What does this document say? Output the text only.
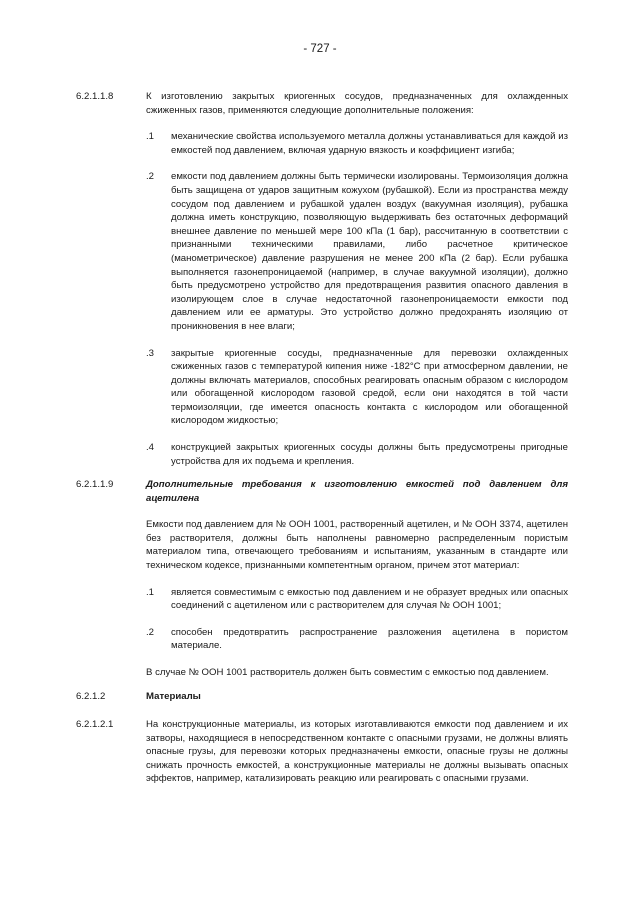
- 727 -
6.2.1.1.8	К изготовлению закрытых криогенных сосудов, предназначенных для охлажденных сжиженных газов, применяются следующие дополнительные положения:

.1	механические свойства используемого металла должны устанавливаться для каждой из емкостей под давлением, включая ударную вязкость и коэффициент изгиба;
.2	емкости под давлением должны быть термически изолированы. Термоизоляция должна быть защищена от ударов защитным кожухом (рубашкой). Если из пространства между сосудом под давлением и рубашкой удален воздух (вакуумная изоляция), рубашка должна иметь конструкцию, позволяющую выдерживать без остаточных деформаций внешнее давление по меньшей мере 100 кПа (1 бар), рассчитанную в соответствии с признанными техническими правилами, либо расчетное критическое (манометрическое) давление разрушения не менее 200 кПа (2 бар). Если рубашка выполняется газонепроницаемой (например, в случае вакуумной изоляции), должно быть предусмотрено устройство для предотвращения развития опасного давления в изолирующем слое в случае недостаточной газонепроницаемости емкости под давлением или ее арматуры. Это устройство должно предохранять изоляцию от проникновения в нее влаги;
.3	закрытые криогенные сосуды, предназначенные для перевозки охлажденных сжиженных газов с температурой кипения ниже -182°С при атмосферном давлении, не должны включать материалов, способных реагировать опасным образом с кислородом или обогащенной кислородом газовой средой, если они находятся в той части термоизоляции, где имеется опасность контакта с кислородом или обогащенной кислородом жидкостью;
.4	конструкцией закрытых криогенных сосуды должны быть предусмотрены пригодные устройства для их подъема и крепления.
6.2.1.1.9	Дополнительные требования к изготовлению емкостей под давлением для ацетилена

Емкости под давлением для № ООН 1001, растворенный ацетилен, и № ООН 3374, ацетилен без растворителя, должны быть наполнены равномерно распределенным пористым материалом типа, отвечающего требованиям и испытаниям, указанным в стандарте или техническом кодексе, признанными компетентным органом, причем этот материал:

.1	является совместимым с емкостью под давлением и не образует вредных или опасных соединений с ацетиленом или с растворителем для случая № ООН 1001;
.2	способен предотвратить распространение разложения ацетилена в пористом материале.

В случае № ООН 1001 растворитель должен быть совместим с емкостью под давлением.

6.2.1.2	Материалы

6.2.1.2.1	На конструкционные материалы, из которых изготавливаются емкости под давлением и их затворы, находящиеся в непосредственном контакте с опасными грузами, не должны влиять опасные грузы, для перевозки которых предназначены емкости, опасные грузы не должны снижать прочность емкостей, а конструкционные материалы не должны вызывать опасных эффектов, например, катализировать реакцию или реагировать с опасными грузами.
